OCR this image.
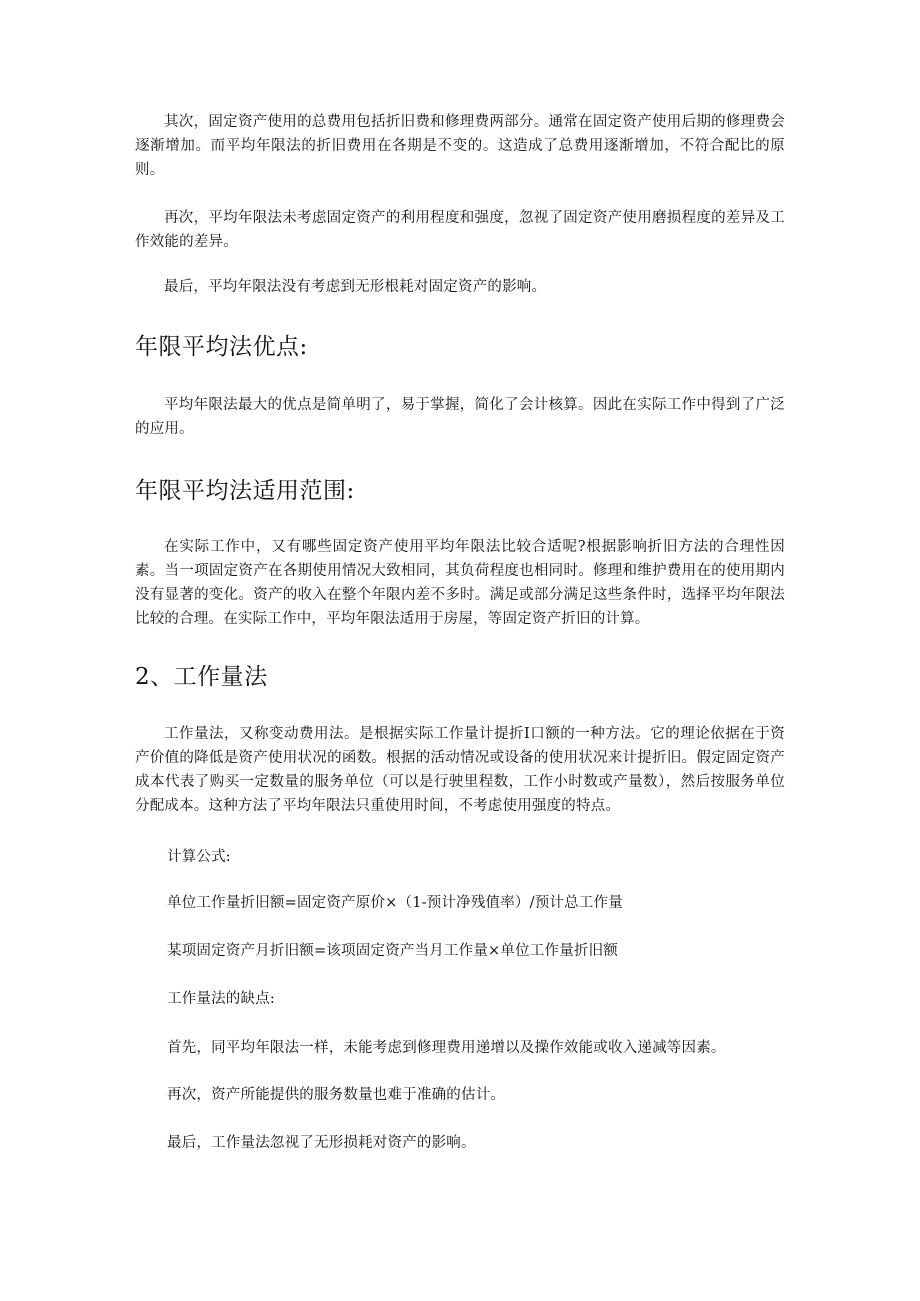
其次，固定资产使用的总费用包括折旧费和修理费两部分。通常在固定资产使用后期的修理费会逐渐增加。而平均年限法的折旧费用在各期是不变的。这造成了总费用逐渐增加，不符合配比的原则。

再次，平均年限法未考虑固定资产的利用程度和强度，忽视了固定资产使用磨损程度的差异及工作效能的差异。

最后，平均年限法没有考虑到无形根耗对固定资产的影响。

年限平均法优点:

平均年限法最大的优点是简单明了，易于掌握，简化了会计核算。因此在实际工作中得到了广泛的应用。

年限平均法适用范围:

在实际工作中，又有哪些固定资产使用平均年限法比较合适呢?根据影响折旧方法的合理性因素。当一项固定资产在各期使用情况大致相同，其负荷程度也相同时。修理和维护费用在的使用期内没有显著的变化。资产的收入在整个年限内差不多时。满足或部分满足这些条件时，选择平均年限法比较的合理。在实际工作中，平均年限法适用于房屋，等固定资产折旧的计算。

2、工作量法

工作量法，又称变动费用法。是根据实际工作量计提折I口额的一种方法。它的理论依据在于资产价值的降低是资产使用状况的函数。根据的活动情况或设备的使用状况来计提折旧。假定固定资产成本代表了购买一定数量的服务单位（可以是行驶里程数，工作小时数或产量数），然后按服务单位分配成本。这种方法了平均年限法只重使用时间，不考虑使用强度的特点。

计算公式:
单位工作量折旧额=固定资产原价×（1-预计净残值率）/预计总工作量
某项固定资产月折旧额=该项固定资产当月工作量×单位工作量折旧额
工作量法的缺点:
首先，同平均年限法一样，未能考虑到修理费用递增以及操作效能或收入递减等因素。
再次，资产所能提供的服务数量也难于准确的估计。
最后，工作量法忽视了无形损耗对资产的影响。
